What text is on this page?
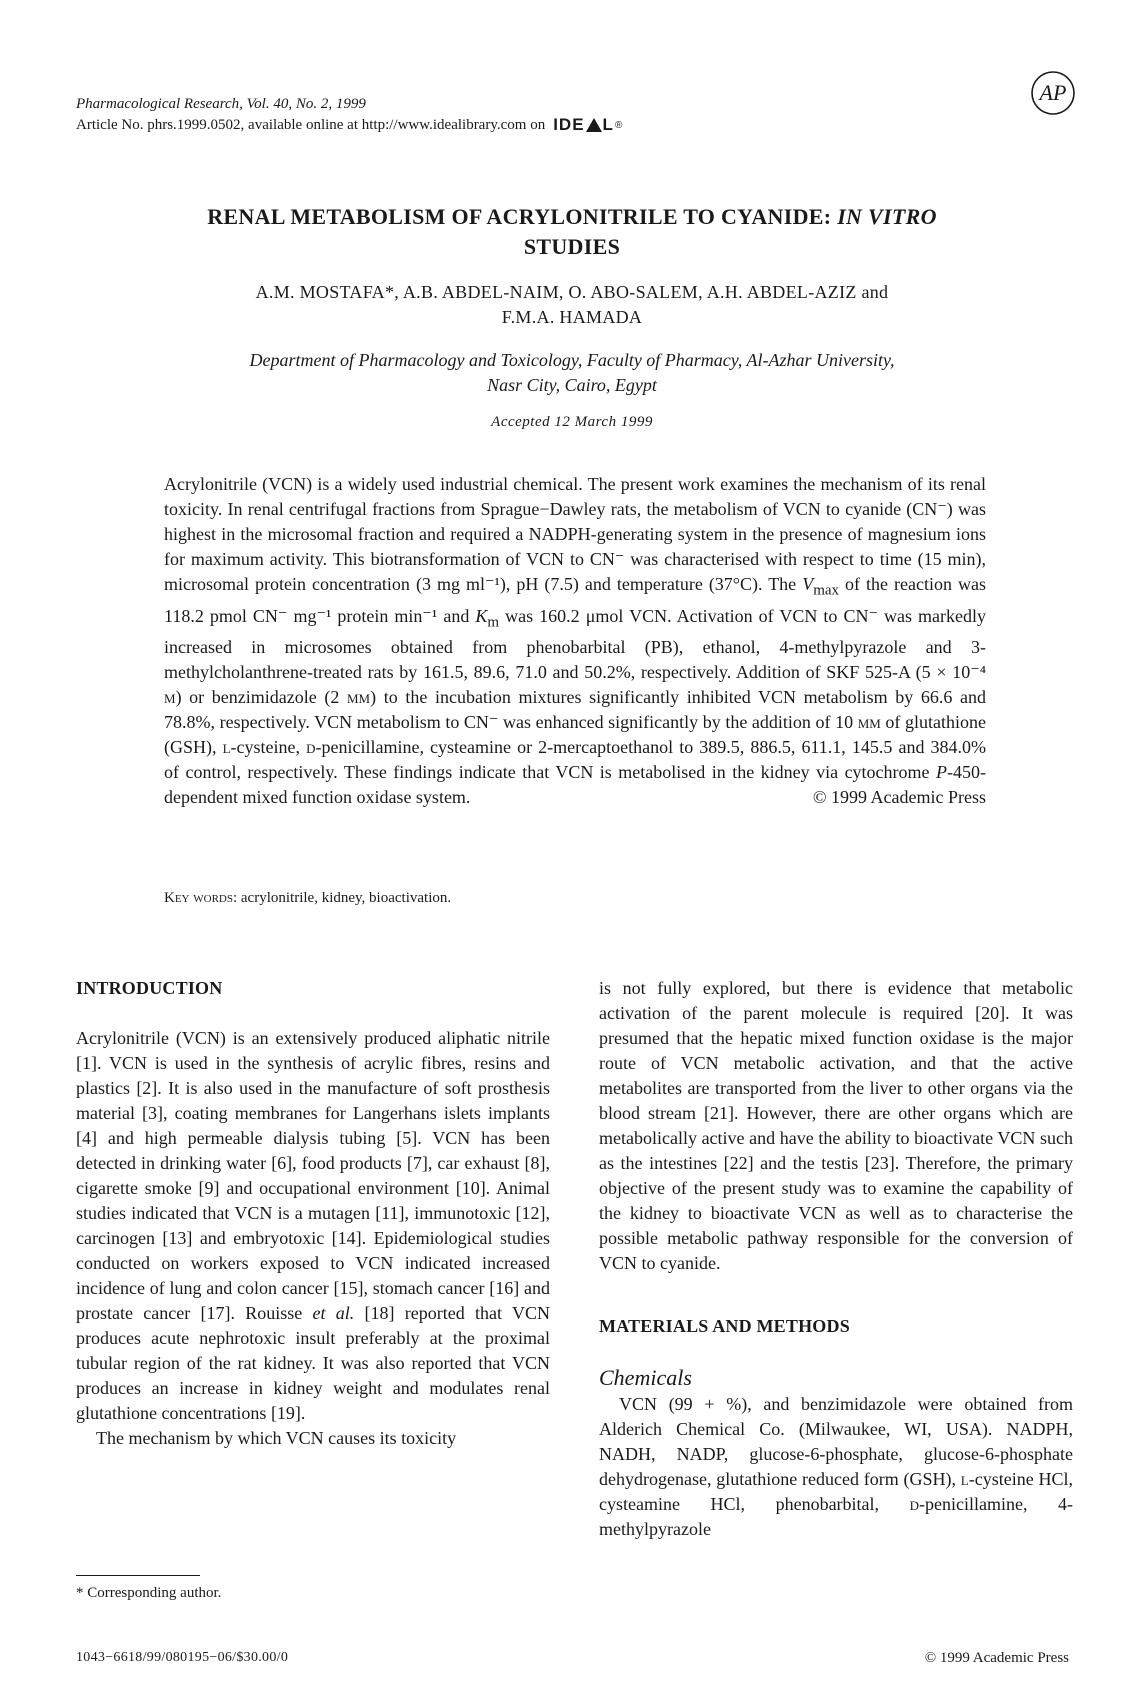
Pharmacological Research, Vol. 40, No. 2, 1999
Article No. phrs.1999.0502, available online at http://www.idealibrary.com on IDE L ®
AP
RENAL METABOLISM OF ACRYLONITRILE TO CYANIDE: IN VITRO
STUDIES
A.M. MOSTAFA*, A.B. ABDEL-NAIM, O. ABO-SALEM, A.H. ABDEL-AZIZ and
F.M.A. HAMADA
Department of Pharmacology and Toxicology, Faculty of Pharmacy, Al-Azhar University,
Nasr City, Cairo, Egypt
Accepted 12 March 1999
Acrylonitrile (VCN) is a widely used industrial chemical. The present work examines the mechanism of its renal toxicity. In renal centrifugal fractions from Sprague−Dawley rats, the metabolism of VCN to cyanide (CN⁻) was highest in the microsomal fraction and required a NADPH-generating system in the presence of magnesium ions for maximum activity. This biotransformation of VCN to CN⁻ was characterised with respect to time (15 min), microsomal protein concentration (3 mg ml⁻¹), pH (7.5) and temperature (37°C). The $V_{max}$ of the reaction was 118.2 pmol CN⁻ mg⁻¹ protein min⁻¹ and $K_m$ was 160.2 μmol VCN. Activation of VCN to CN⁻ was markedly increased in microsomes obtained from phenobarbital (PB), ethanol, 4-methylpyrazole and 3-methylcholanthrene-treated rats by 161.5, 89.6, 71.0 and 50.2%, respectively. Addition of SKF 525-A (5 × 10⁻⁴ m) or benzimidazole (2 mm) to the incubation mixtures significantly inhibited VCN metabolism by 66.6 and 78.8%, respectively. VCN metabolism to CN⁻ was enhanced significantly by the addition of 10 mm of glutathione (GSH), l-cysteine, d-penicillamine, cysteamine or 2-mercaptoethanol to 389.5, 886.5, 611.1, 145.5 and 384.0% of control, respectively. These findings indicate that VCN is metabolised in the kidney via cytochrome P-450-dependent mixed function oxidase system.	© 1999 Academic Press
Key words: acrylonitrile, kidney, bioactivation.
INTRODUCTION

Acrylonitrile (VCN) is an extensively produced aliphatic nitrile [1]. VCN is used in the synthesis of acrylic fibres, resins and plastics [2]. It is also used in the manufacture of soft prosthesis material [3], coating membranes for Langerhans islets implants [4] and high permeable dialysis tubing [5]. VCN has been detected in drinking water [6], food products [7], car exhaust [8], cigarette smoke [9] and occupational environment [10]. Animal studies indicated that VCN is a mutagen [11], immunotoxic [12], carcinogen [13] and embryotoxic [14]. Epidemiological studies conducted on workers exposed to VCN indicated increased incidence of lung and colon cancer [15], stomach cancer [16] and prostate cancer [17]. Rouisse et al. [18] reported that VCN produces acute nephrotoxic insult preferably at the proximal tubular region of the rat kidney. It was also reported that VCN produces an increase in kidney weight and modulates renal glutathione concentrations [19].

The mechanism by which VCN causes its toxicity

is not fully explored, but there is evidence that metabolic activation of the parent molecule is required [20]. It was presumed that the hepatic mixed function oxidase is the major route of VCN metabolic activation, and that the active metabolites are transported from the liver to other organs via the blood stream [21]. However, there are other organs which are metabolically active and have the ability to bioactivate VCN such as the intestines [22] and the testis [23]. Therefore, the primary objective of the present study was to examine the capability of the kidney to bioactivate VCN as well as to characterise the possible metabolic pathway responsible for the conversion of VCN to cyanide.

MATERIALS AND METHODS
Chemicals

VCN (99 + %), and benzimidazole were obtained from Alderich Chemical Co. (Milwaukee, WI, USA). NADPH, NADH, NADP, glucose-6-phosphate, glucose-6-phosphate dehydrogenase, glutathione reduced form (GSH), l-cysteine HCl, cysteamine HCl, phenobarbital, d-penicillamine, 4-methylpyrazole

* Corresponding author.
1043−6618/99/080195−06/$30.00/0	© 1999 Academic Press
